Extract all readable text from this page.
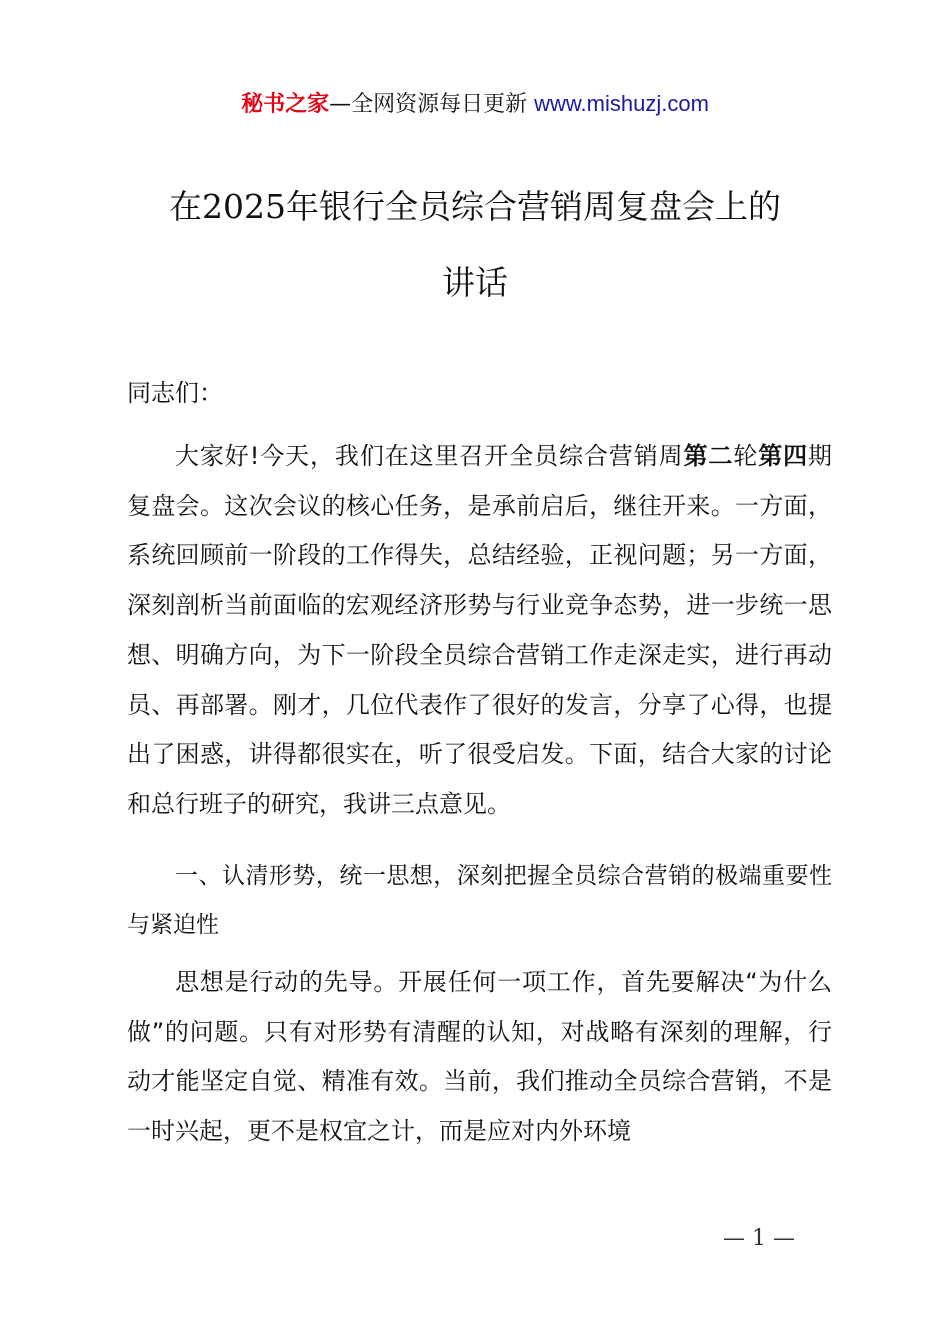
秘书之家—全网资源每日更新 www.mishuzj.com
在2025年银行全员综合营销周复盘会上的
讲话
同志们：
大家好!今天，我们在这里召开全员综合营销周第二轮第四期复盘会。这次会议的核心任务，是承前启后，继往开来。一方面，系统回顾前一阶段的工作得失，总结经验，正视问题；另一方面，深刻剖析当前面临的宏观经济形势与行业竞争态势，进一步统一思想、明确方向，为下一阶段全员综合营销工作走深走实，进行再动员、再部署。刚才，几位代表作了很好的发言，分享了心得，也提出了困惑，讲得都很实在，听了很受启发。下面，结合大家的讨论和总行班子的研究，我讲三点意见。
一、认清形势，统一思想，深刻把握全员综合营销的极端重要性与紧迫性
思想是行动的先导。开展任何一项工作，首先要解决“为什么做”的问题。只有对形势有清醒的认知，对战略有深刻的理解，行动才能坚定自觉、精准有效。当前，我们推动全员综合营销，不是一时兴起，更不是权宜之计，而是应对内外环境
— 1 —
